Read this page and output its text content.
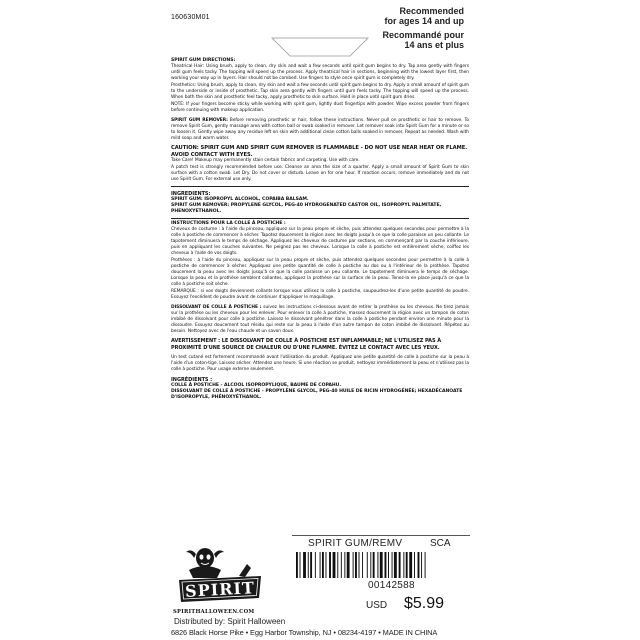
160630M01
Recommended
for ages 14 and up
Recommandé pour
14 ans et plus
SPIRIT GUM DIRECTIONS:
Theatrical Hair: Using brush, apply to clean, dry skin and wait a few seconds until spirit gum begins to dry. Tap area gently with fingers until gum feels tacky. The topping will speed up the process. Apply theatrical hair in sections, beginning with the lowest layer first, then working your way up in layers. Hair should not be combed. Use fingers to style once spirit gum is completely dry.
Prosthetics: Using brush, apply to clean, dry skin and wait a few seconds until spirit gum begins to dry. Apply a small amount of spirit gum to the underside or inside of prosthetic. Tap skin area gently with fingers until gum feels tacky. The topping will speed up the process. When both the skin and prosthetic feel tacky, apply prosthetic to skin surface. Hold in place until spirit gum dries.
NOTE: If your fingers become sticky while working with spirit gum, lightly dust fingertips with powder. Wipe excess powder from fingers before continuing with makeup application.
SPIRIT GUM REMOVER: Before removing prosthetic or hair, follow these instructions. Never pull on prosthetic or hair to remove. To remove Spirit Gum, gently massage area with cotton ball or swab soaked in remover. Let remover soak into Spirit Gum for a minute or so to loosen it. Gently wipe away any residue left on skin with additional clean cotton balls soaked in remover. Repeat as needed. Wash with mild soap and warm water.
CAUTION: SPIRIT GUM AND SPIRIT GUM REMOVER IS FLAMMABLE - DO NOT USE NEAR HEAT OR FLAME. AVOID CONTACT WITH EYES.
Take Care! Makeup may permanently stain certain fabrics and carpeting. Use with care.
A patch test is strongly recommended before use. Cleanse an area the size of a quarter. Apply a small amount of Spirit Gum to skin surface with a cotton swab. Let Dry. Do not cover or disturb. Leave on for one hour. If reaction occurs, remove immediately and do not use Spirit Gum. For external use only.
INGREDIENTS:
SPIRIT GUM: ISOPROPYL ALCOHOL, COPAIBA BALSAM.
SPIRIT GUM REMOVER: PROPYLENE GLYCOL, PEG-40 HYDROGENATED CASTOR OIL, ISOPROPYL PALMITATE, PHENOXYETHANOL.
INSTRUCTIONS POUR LA COLLE À POSTICHE :
Cheveux de costume : à l'aide du pinceau, appliquez sur la peau propre et sèche, puis attendez quelques secondes pour permettre à la colle à postiche de commencer à sécher. Tapotez doucement la région avec les doigts jusqu'à ce que la colle paraisse un peu collante. Le tapotement diminuera le temps de séchage. Appliquez les cheveux de costume par sections, en commençant par la couche inférieure, puis en appliquant les couches suivantes. Ne peignez pas les cheveux. Lorsque la colle à postiche est entièrement sèche, coiffez les cheveux à l'aide de vos doigts.
Prothèses : à l'aide du pinceau, appliquez sur la peau propre et sèche, puis attendez quelques secondes pour permettre à la colle à postiche de commencer à sécher. Appliquez une petite quantité de colle à postiche au dos ou à l'intérieur de la prothèse. Tapotez doucement la peau avec les doigts jusqu'à ce que la colle paraisse un peu collante. Le tapotement diminuera le temps de séchage. Lorsque la peau et la prothèse semblent collantes, appliquez la prothèse sur la surface de la peau. Tenez-la en place jusqu'à ce que la colle à postiche soit sèche.
REMARQUE : si vos doigts deviennent collants lorsque vous utilisez la colle à postiche, saupoudrez-les d'une petite quantité de poudre. Essuyez l'excédent de poudre avant de continuer d'appliquer le maquillage.
DISSOLVANT DE COLLE À POSTICHE : suivez les instructions ci-dessous avant de retirer la prothèse ou les cheveux. Ne tirez jamais sur la prothèse ou les cheveux pour les enlever. Pour enlever la colle à postiche, massez doucement la région avec un tampon de coton imbibé de dissolvant pour colle à postiche. Laissez le dissolvant pénétrer dans la colle à postiche pendant environ une minute pour la dissoudre. Essuyez doucement tout résidu qui reste sur la peau à l'aide d'un autre tampon de coton imbibé de dissolvant. Répétez au besoin. Nettoyez avec de l'eau chaude et un savon doux.
AVERTISSEMENT : LE DISSOLVANT DE COLLE À POSTICHE EST INFLAMMABLE; NE L'UTILISEZ PAS À PROXIMITÉ D'UNE SOURCE DE CHALEUR OU D'UNE FLAMME. ÉVITEZ LE CONTACT AVEC LES YEUX.
Un test cutané est fortement recommandé avant l'utilisation du produit. Appliquez une petite quantité de colle à postiche sur la peau à l'aide d'un coton-tige. Laissez sécher. Attendez une heure. Si une réaction se produit, nettoyez immédiatement la peau et n'utilisez pas la colle à postiche. Pour usage externe seulement.
INGRÉDIENTS :
COLLE À POSTICHE - ALCOOL ISOPROPYLIQUE, BAUME DE COPAHU.
DISSOLVANT DE COLLE À POSTICHE - PROPYLÈNE GLYCOL, PEG-40 HUILE DE RICIN HYDROGÉNÉE; HEXADÉCANOATE D'ISOPROPYLE, PHÉNOXYÉTHANOL.
SPIRIT GUM/REMV	SCA
00142588
USD $5.99
SPIRIT
SPIRITHALLOWEEN.COM
Distributed by: Spirit Halloween
6826 Black Horse Pike • Egg Harbor Township, NJ • 08234-4197 • MADE IN CHINA
